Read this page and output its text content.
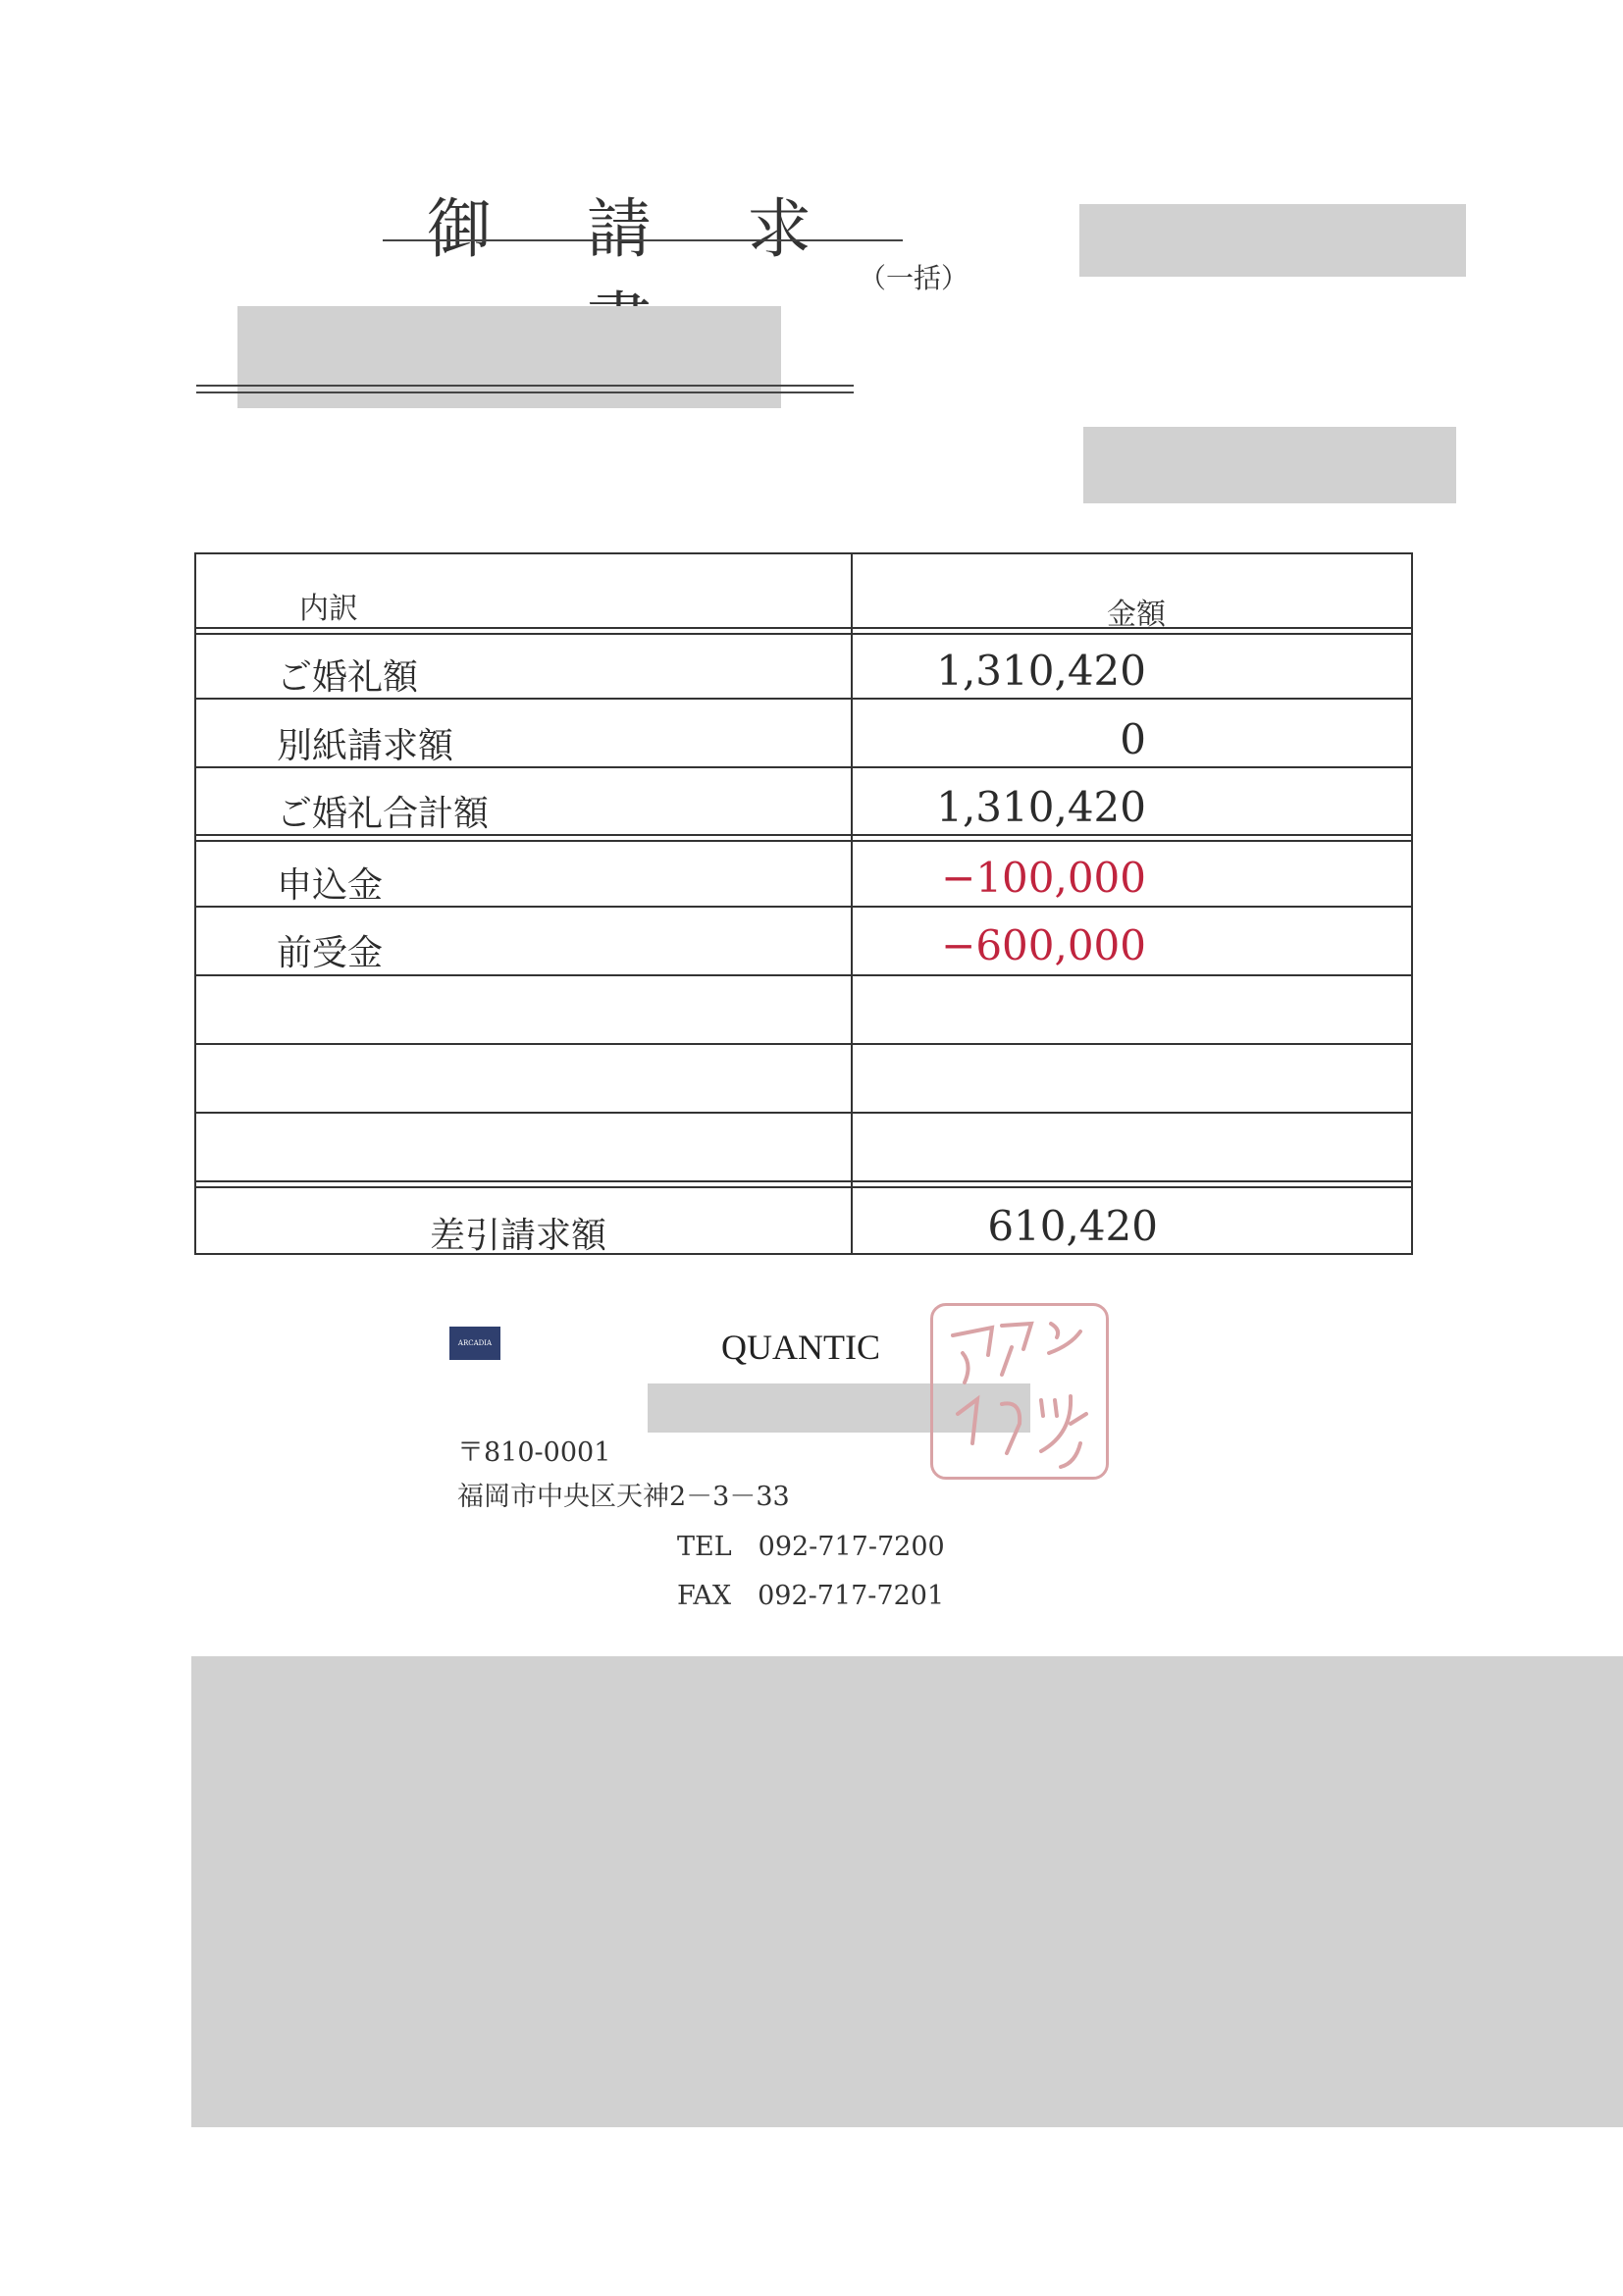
御 請 求
（一括）
内訳	金額
ご婚礼額	1,310,420
別紙請求額	0
ご婚礼合計額	1,310,420
申込金	−100,000
前受金	−600,000
差引請求額	610,420
ARCADIA	QUANTIC
〒810-0001
福岡市中央区天神2－3－33
TEL　092-717-7200
FAX　092-717-7201
